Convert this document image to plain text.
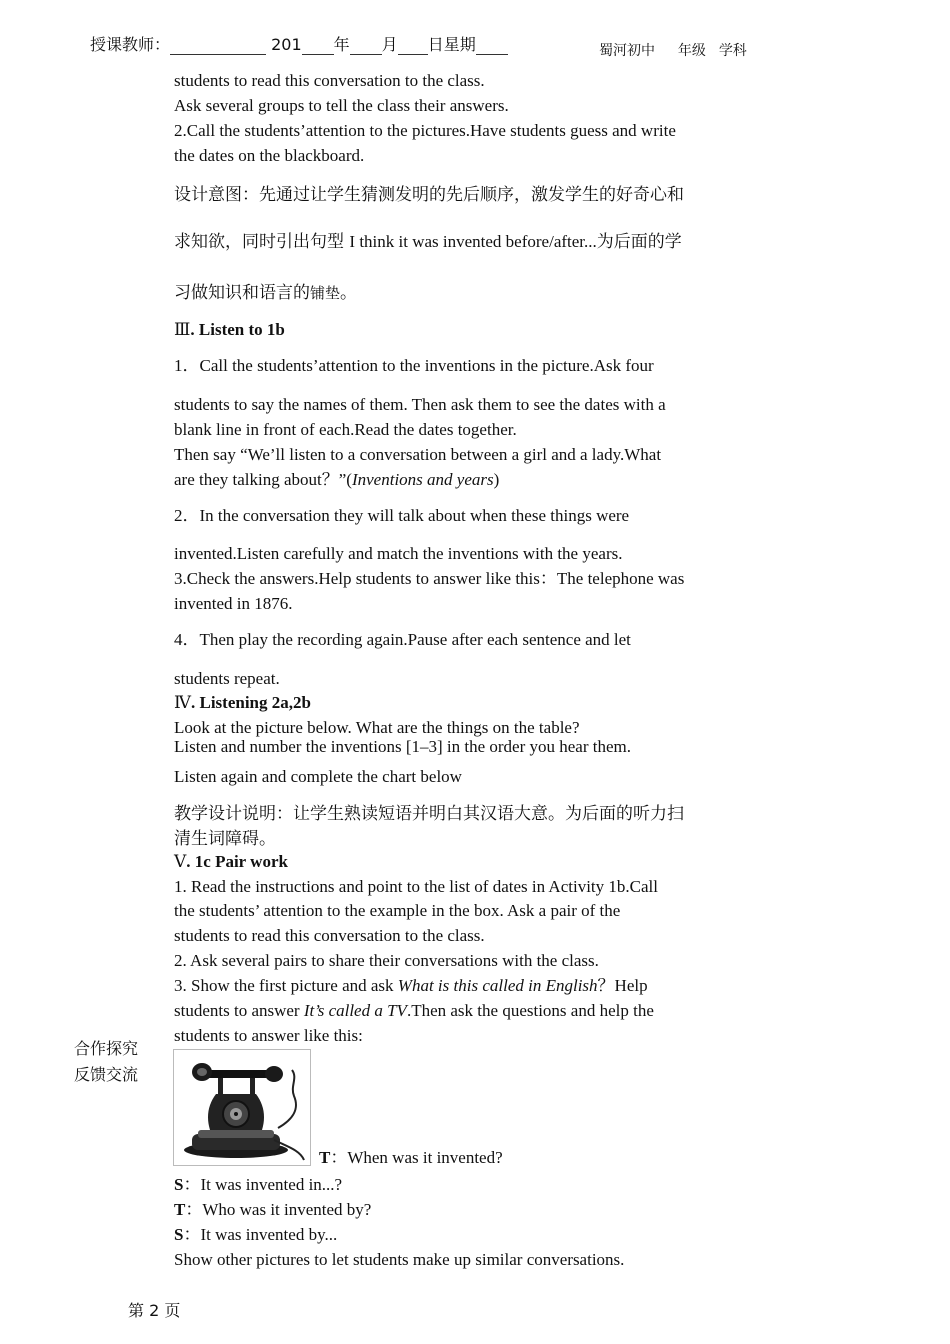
授课教师：	201 年 月 日星期	蜀河初中 年级 学科
students to read this conversation to the class.
Ask several groups to tell the class their answers.
2.Call the students’attention to the pictures.Have students guess and write
the dates on the blackboard.
设计意图：先通过让学生猜测发明的先后顺序，激发学生的好奇心和
求知欲，同时引出句型 I think it was invented before/after...为后面的学
习做知识和语言的铺垫。
Ⅲ. Listen to 1b
1．Call the students’attention to the inventions in the picture.Ask four
students to say the names of them. Then ask them to see the dates with a
blank line in front of each.Read the dates together.
Then say “We’ll listen to a conversation between a girl and a lady.What
are they talking about？”(Inventions and years)
2．In the conversation they will talk about when these things were
invented.Listen carefully and match the inventions with the years.
3.Check the answers.Help students to answer like this：The telephone was
invented in 1876.
4．Then play the recording again.Pause after each sentence and let
students repeat.
Ⅳ. Listening 2a,2b
Look at the picture below. What are the things on the table?
Listen and number the inventions [1–3] in the order you hear them.
Listen again and complete the chart below
教学设计说明：让学生熟读短语并明白其汉语大意。为后面的听力扫
清生词障碍。
Ⅴ. 1c Pair work
1. Read the instructions and point to the list of dates in Activity 1b.Call
the students’ attention to the example in the box. Ask a pair of the
students to read this conversation to the class.
2. Ask several pairs to share their conversations with the class.
3. Show the first picture and ask What is this called in English？Help
students to answer It’s called a TV.Then ask the questions and help the
students to answer like this:
合作探究
反馈交流
T：When was it invented?
S：It was invented in...?
T：Who was it invented by?
S：It was invented by...
Show other pictures to let students make up similar conversations.
第 2 页
